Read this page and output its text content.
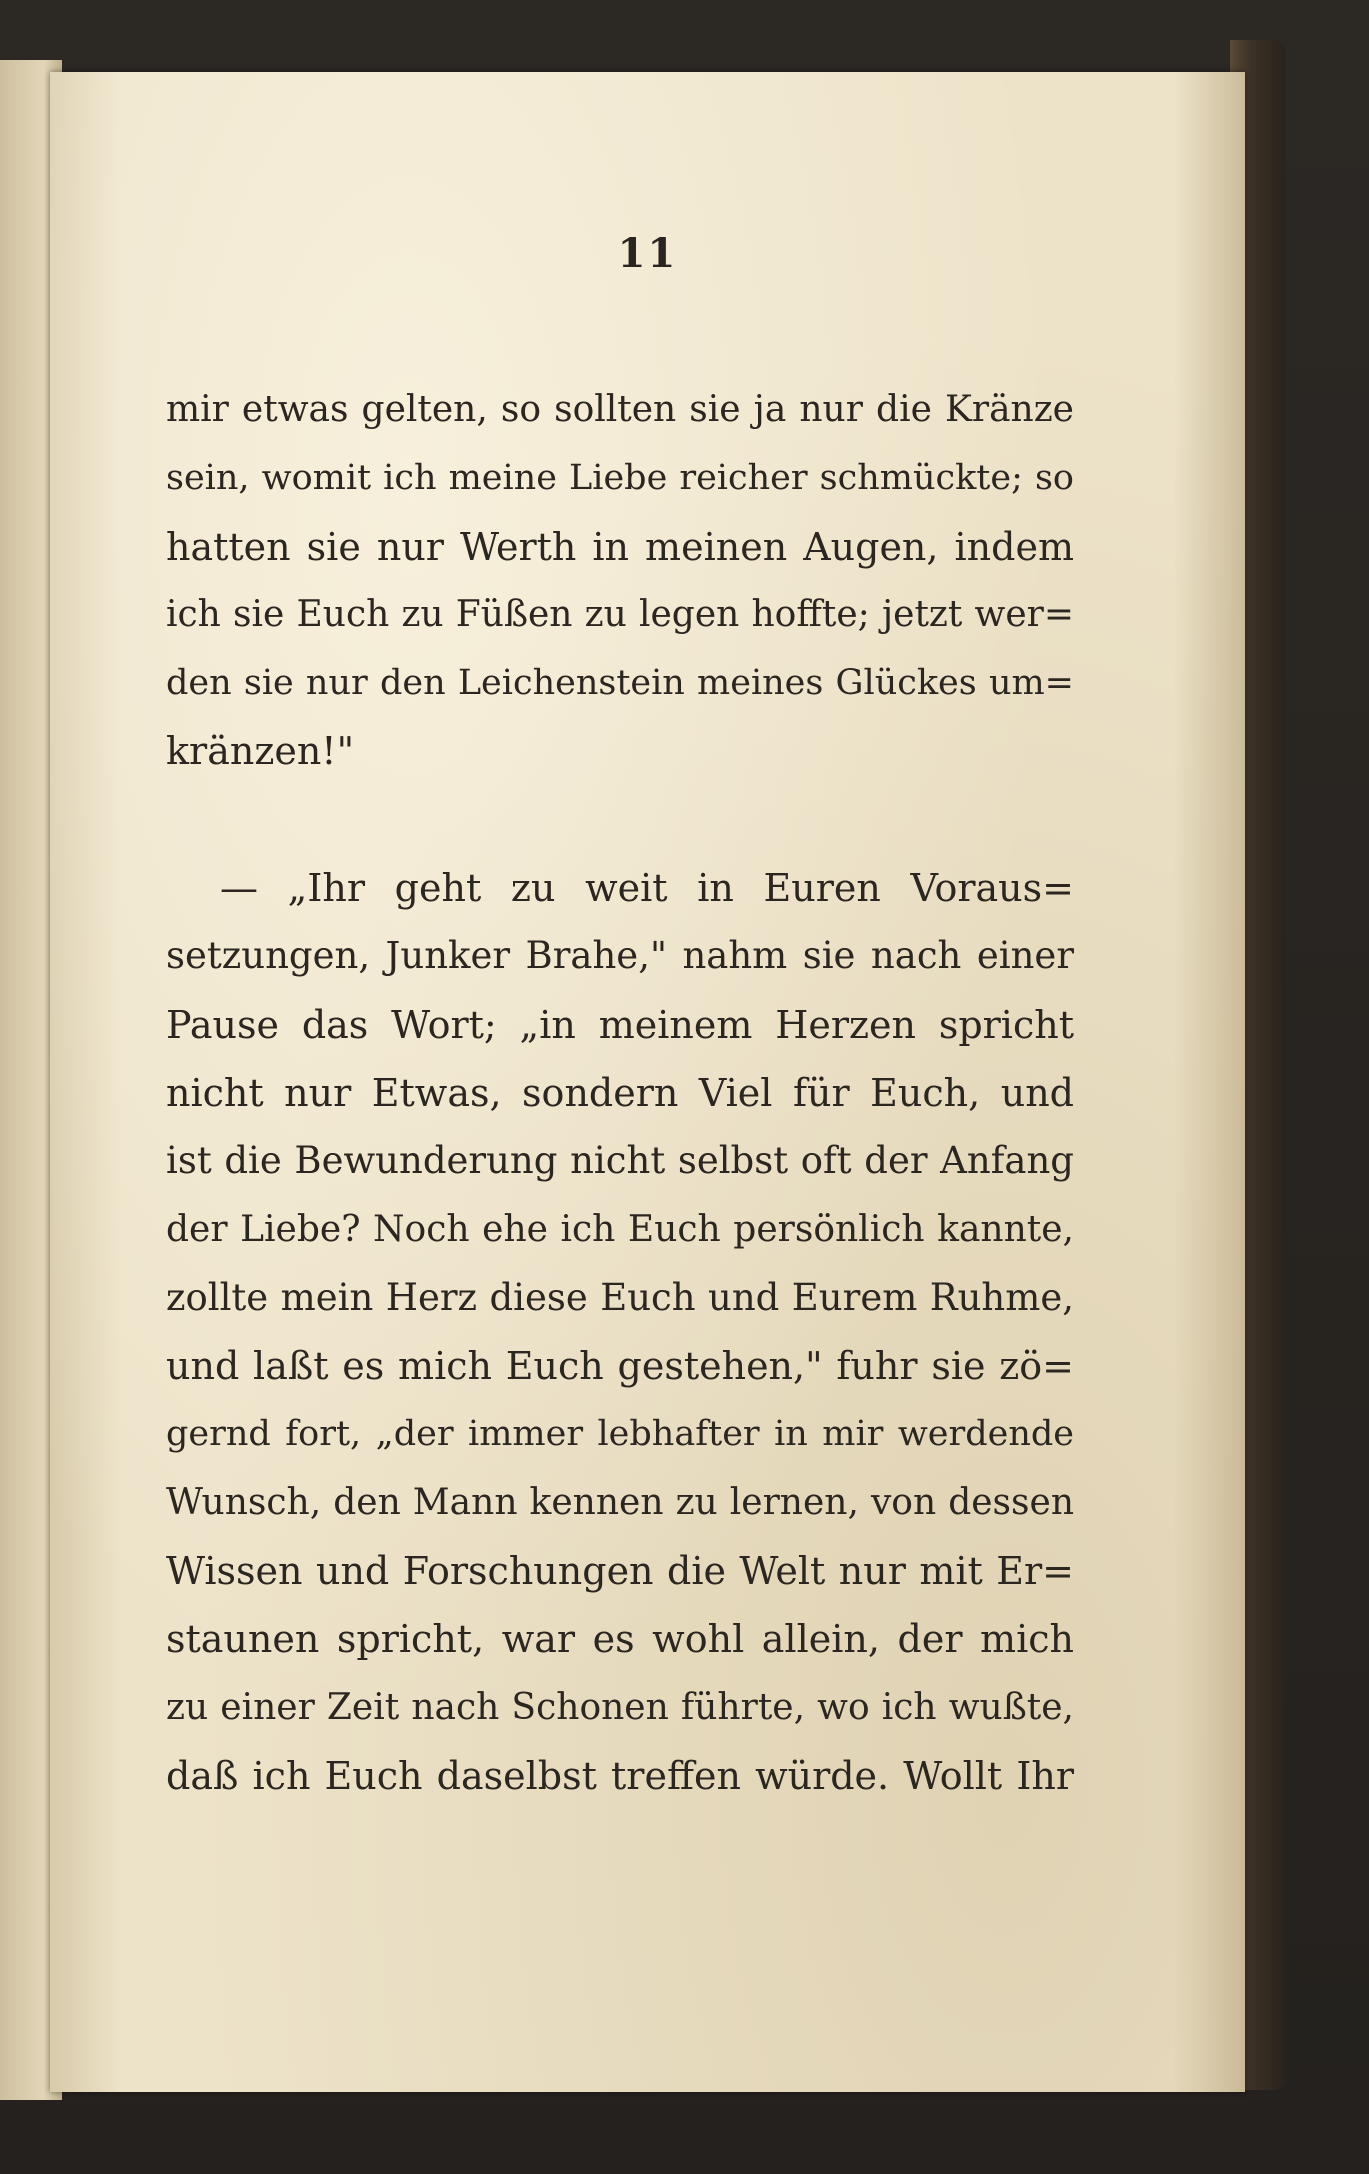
11
mir etwas gelten, so sollten sie ja nur die Kränze
sein, womit ich meine Liebe reicher schmückte; so
hatten sie nur Werth in meinen Augen, indem
ich sie Euch zu Füßen zu legen hoffte; jetzt wer=
den sie nur den Leichenstein meines Glückes um=
kränzen!"
— „Ihr geht zu weit in Euren Voraus=
setzungen, Junker Brahe," nahm sie nach einer
Pause das Wort; „in meinem Herzen spricht
nicht nur Etwas, sondern Viel für Euch, und
ist die Bewunderung nicht selbst oft der Anfang
der Liebe? Noch ehe ich Euch persönlich kannte,
zollte mein Herz diese Euch und Eurem Ruhme,
und laßt es mich Euch gestehen," fuhr sie zö=
gernd fort, „der immer lebhafter in mir werdende
Wunsch, den Mann kennen zu lernen, von dessen
Wissen und Forschungen die Welt nur mit Er=
staunen spricht, war es wohl allein, der mich
zu einer Zeit nach Schonen führte, wo ich wußte,
daß ich Euch daselbst treffen würde. Wollt Ihr
